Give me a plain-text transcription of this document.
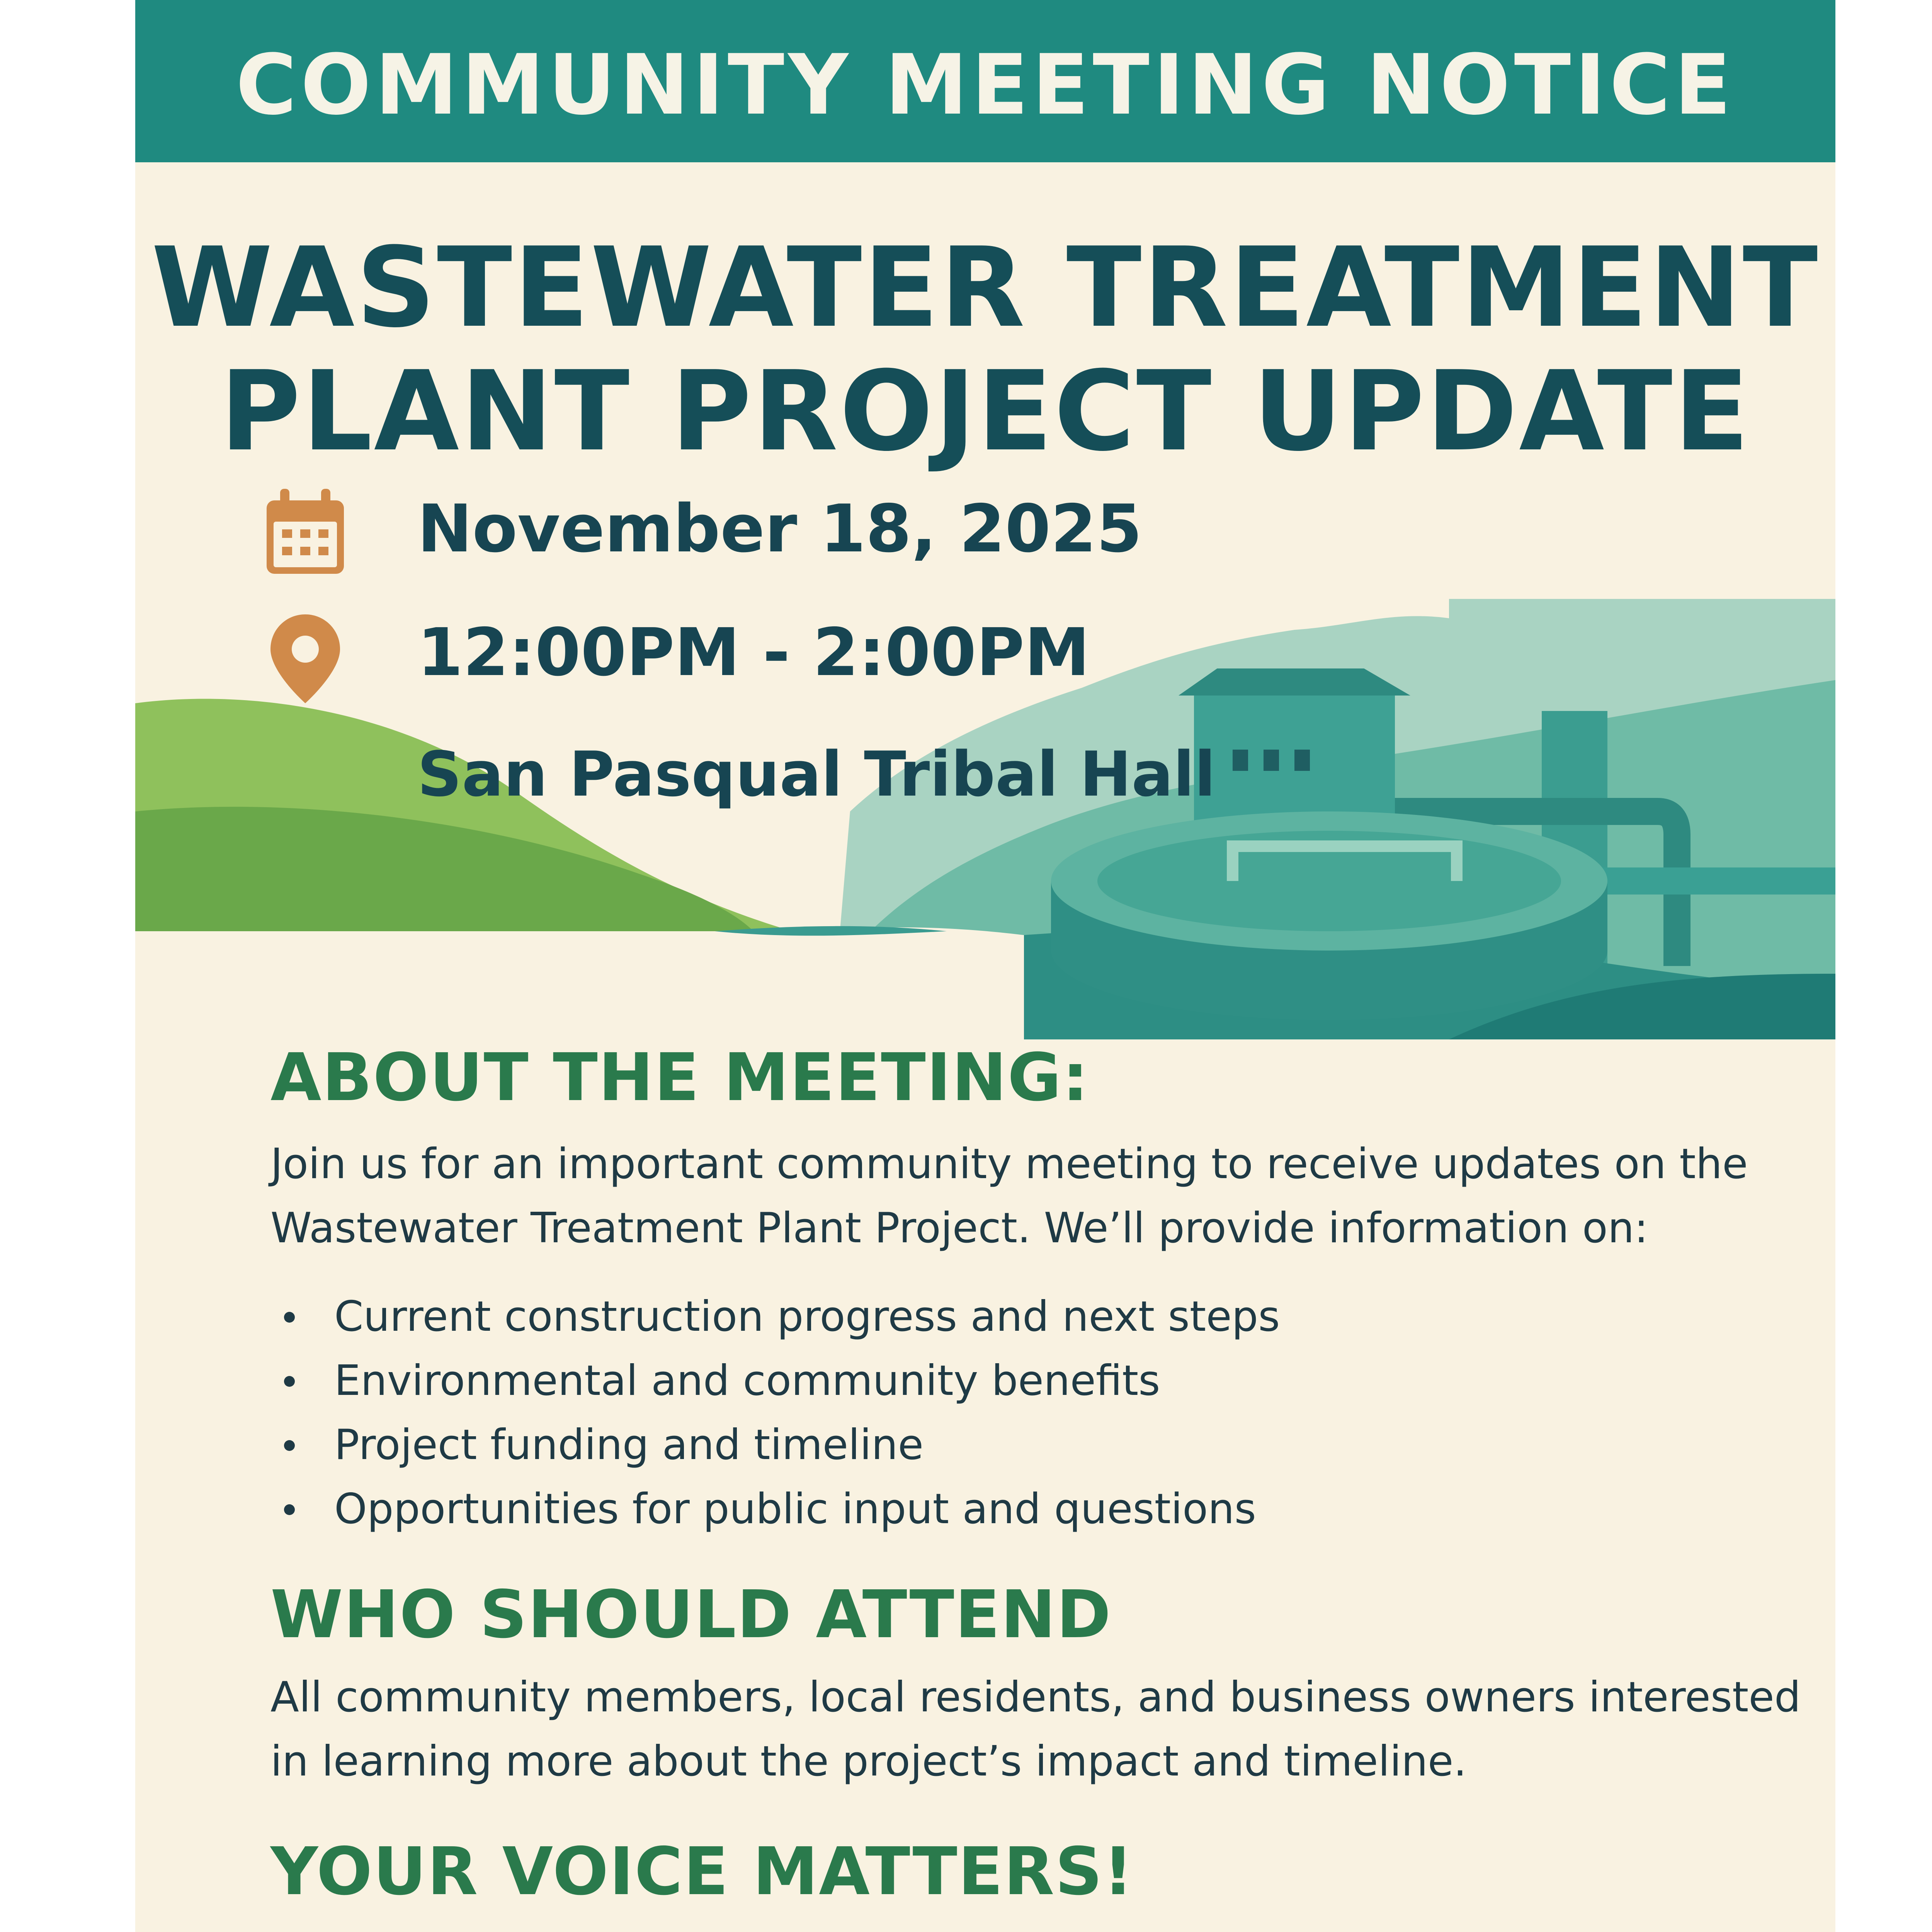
COMMUNITY MEETING NOTICE
WASTEWATER TREATMENT
PLANT PROJECT UPDATE
November 18, 2025
12:00PM - 2:00PM
San Pasqual Tribal Hall
ABOUT THE MEETING:
Join us for an important community meeting to receive updates on the
Wastewater Treatment Plant Project. We’ll provide information on:
Current construction progress and next steps
Environmental and community benefits
Project funding and timeline
Opportunities for public input and questions
WHO SHOULD ATTEND
All community members, local residents, and business owners interested
in learning more about the project’s impact and timeline.
YOUR VOICE MATTERS!
